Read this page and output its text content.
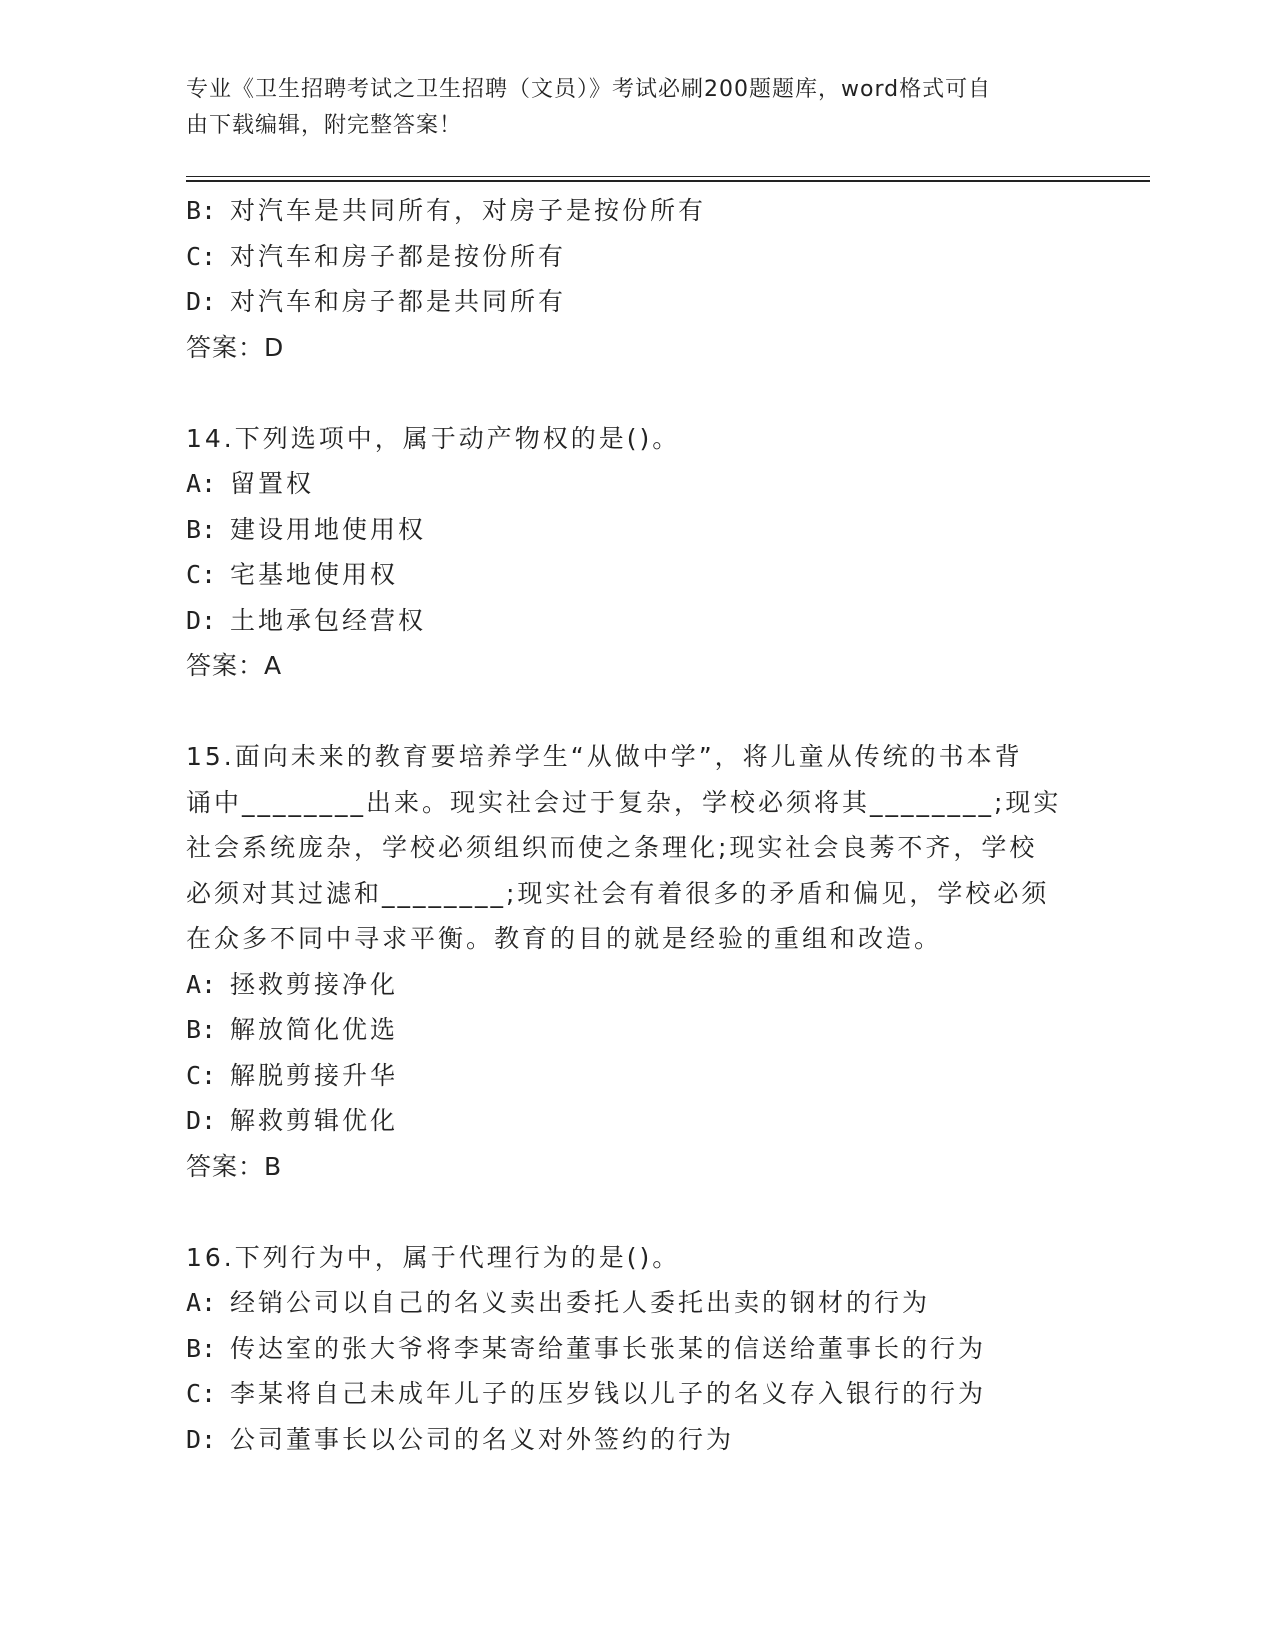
专业《卫生招聘考试之卫生招聘（文员）》考试必刷200题题库，word格式可自
由下载编辑，附完整答案！
B: 对汽车是共同所有，对房子是按份所有
C: 对汽车和房子都是按份所有
D: 对汽车和房子都是共同所有
答案：D
14.下列选项中，属于动产物权的是()。
A: 留置权
B: 建设用地使用权
C: 宅基地使用权
D: 土地承包经营权
答案：A
15.面向未来的教育要培养学生“从做中学”，将儿童从传统的书本背
诵中________出来。现实社会过于复杂，学校必须将其________;现实
社会系统庞杂，学校必须组织而使之条理化;现实社会良莠不齐，学校
必须对其过滤和________;现实社会有着很多的矛盾和偏见，学校必须
在众多不同中寻求平衡。教育的目的就是经验的重组和改造。
A: 拯救剪接净化
B: 解放简化优选
C: 解脱剪接升华
D: 解救剪辑优化
答案：B
16.下列行为中，属于代理行为的是()。
A: 经销公司以自己的名义卖出委托人委托出卖的钢材的行为
B: 传达室的张大爷将李某寄给董事长张某的信送给董事长的行为
C: 李某将自己未成年儿子的压岁钱以儿子的名义存入银行的行为
D: 公司董事长以公司的名义对外签约的行为
